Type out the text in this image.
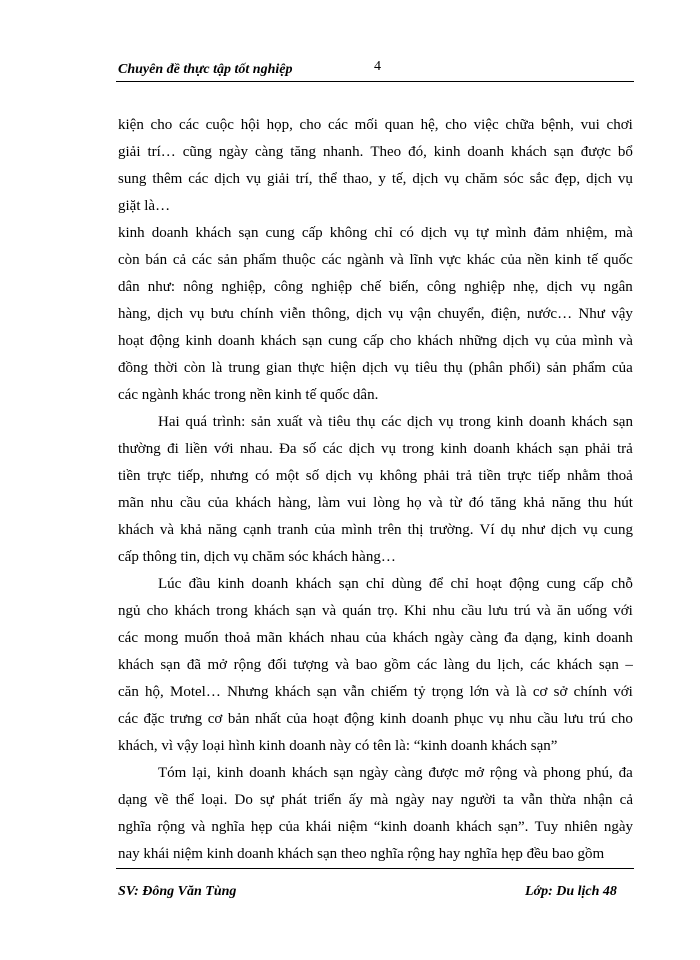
Chuyên đề thực tập tốt nghiệp	4
kiện cho các cuộc hội họp, cho các mối quan hệ, cho việc chữa bệnh, vui chơi
giải trí… cũng ngày càng tăng nhanh. Theo đó, kinh doanh khách sạn được bổ
sung thêm các dịch vụ giải trí, thể thao, y tế, dịch vụ chăm sóc sắc đẹp, dịch vụ
giặt là…
kinh doanh khách sạn cung cấp không chỉ có dịch vụ tự mình đảm nhiệm, mà
còn bán cả các sản phẩm thuộc các ngành và lĩnh vực khác của nền kinh tế quốc
dân như: nông nghiệp, công nghiệp chế biến, công nghiệp nhẹ, dịch vụ ngân
hàng, dịch vụ bưu chính viễn thông, dịch vụ vận chuyển, điện, nước… Như vậy
hoạt động kinh doanh khách sạn cung cấp cho khách những dịch vụ của mình và
đồng thời còn là trung gian thực hiện dịch vụ tiêu thụ (phân phối) sản phẩm của
các ngành khác trong nền kinh tế quốc dân.
Hai quá trình: sản xuất và tiêu thụ các dịch vụ trong kinh doanh khách sạn
thường đi liền với nhau. Đa số các dịch vụ trong kinh doanh khách sạn phải trả
tiền trực tiếp, nhưng có một số dịch vụ không phải trả tiền trực tiếp nhằm thoả
mãn nhu cầu của khách hàng, làm vui lòng họ và từ đó tăng khả năng thu hút
khách và khả năng cạnh tranh của mình trên thị trường. Ví dụ như dịch vụ cung
cấp thông tin, dịch vụ chăm sóc khách hàng…
Lúc đầu kinh doanh khách sạn chỉ dùng để chỉ hoạt động cung cấp chỗ
ngủ cho khách trong khách sạn và quán trọ. Khi nhu cầu lưu trú và ăn uống với
các mong muốn thoả mãn khách nhau của khách ngày càng đa dạng, kinh doanh
khách sạn đã mở rộng đối tượng và bao gồm các làng du lịch, các khách sạn –
căn hộ, Motel… Nhưng khách sạn vẫn chiếm tỷ trọng lớn và là cơ sở chính với
các đặc trưng cơ bản nhất của hoạt động kinh doanh phục vụ nhu cầu lưu trú cho
khách, vì vậy loại hình kinh doanh này có tên là: “kinh doanh khách sạn”
Tóm lại, kinh doanh khách sạn ngày càng được mở rộng và phong phú, đa
dạng về thể loại. Do sự phát triển ấy mà ngày nay người ta vẫn thừa nhận cả
nghĩa rộng và nghĩa hẹp của khái niệm “kinh doanh khách sạn”. Tuy nhiên ngày
nay khái niệm kinh doanh khách sạn theo nghĩa rộng hay nghĩa hẹp đều bao gồm
SV: Đông Văn Tùng	Lớp: Du lịch 48
